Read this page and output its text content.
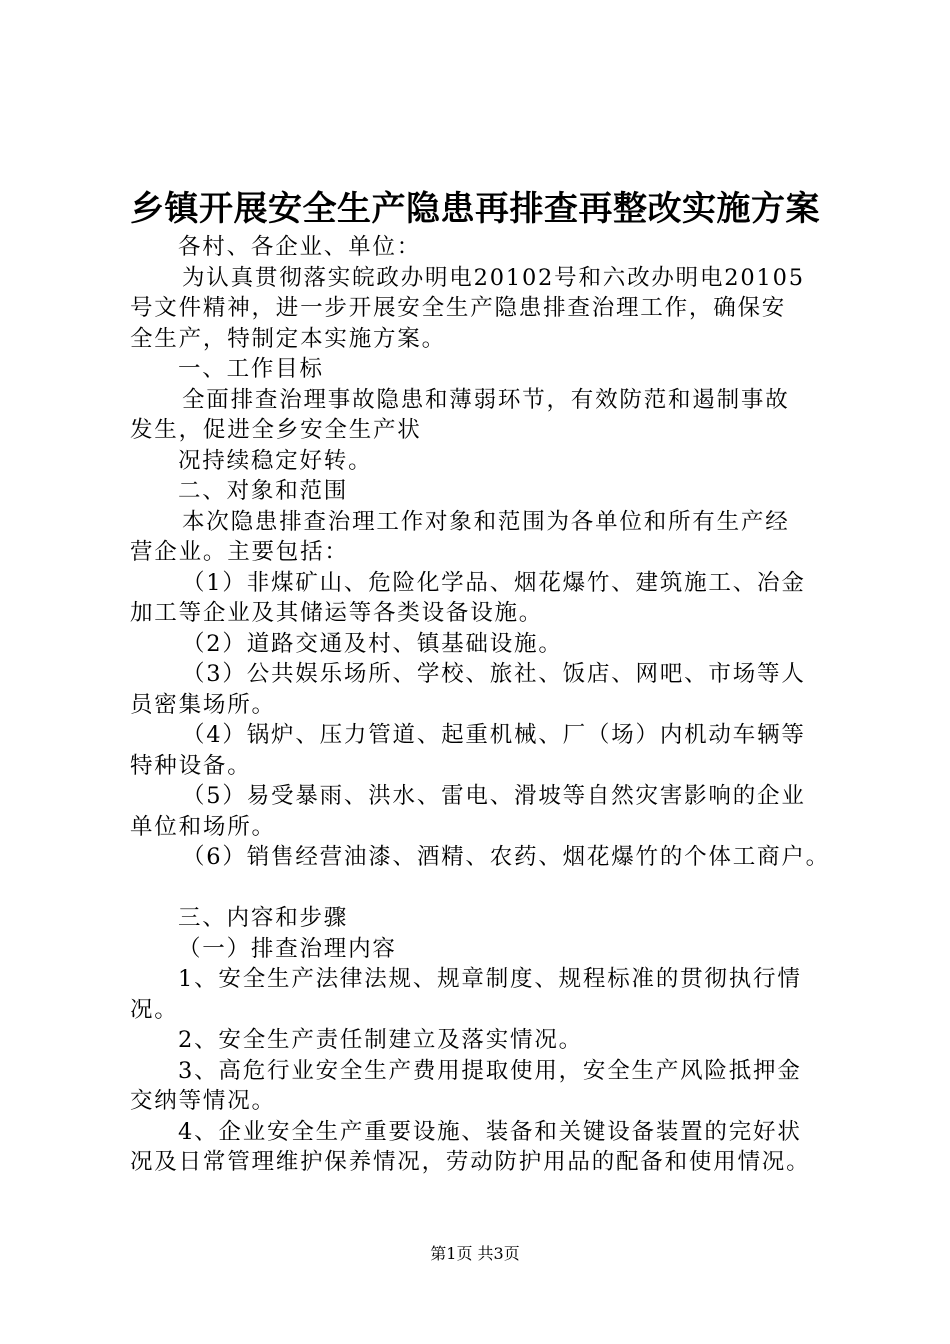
乡镇开展安全生产隐患再排查再整改实施方案
各村、各企业、单位：
为认真贯彻落实皖政办明电20102号和六改办明电20105
号文件精神，进一步开展安全生产隐患排查治理工作，确保安
全生产，特制定本实施方案。
一、工作目标
全面排查治理事故隐患和薄弱环节，有效防范和遏制事故
发生，促进全乡安全生产状
况持续稳定好转。
二、对象和范围
本次隐患排查治理工作对象和范围为各单位和所有生产经
营企业。主要包括：
（1）非煤矿山、危险化学品、烟花爆竹、建筑施工、冶金
加工等企业及其储运等各类设备设施。
（2）道路交通及村、镇基础设施。
（3）公共娱乐场所、学校、旅社、饭店、网吧、市场等人
员密集场所。
（4）锅炉、压力管道、起重机械、厂（场）内机动车辆等
特种设备。
（5）易受暴雨、洪水、雷电、滑坡等自然灾害影响的企业
单位和场所。
（6）销售经营油漆、酒精、农药、烟花爆竹的个体工商户。
三、内容和步骤
（一）排查治理内容
1、安全生产法律法规、规章制度、规程标准的贯彻执行情
况。
2、安全生产责任制建立及落实情况。
3、高危行业安全生产费用提取使用，安全生产风险抵押金
交纳等情况。
4、企业安全生产重要设施、装备和关键设备装置的完好状
况及日常管理维护保养情况，劳动防护用品的配备和使用情况。
第1页 共3页
